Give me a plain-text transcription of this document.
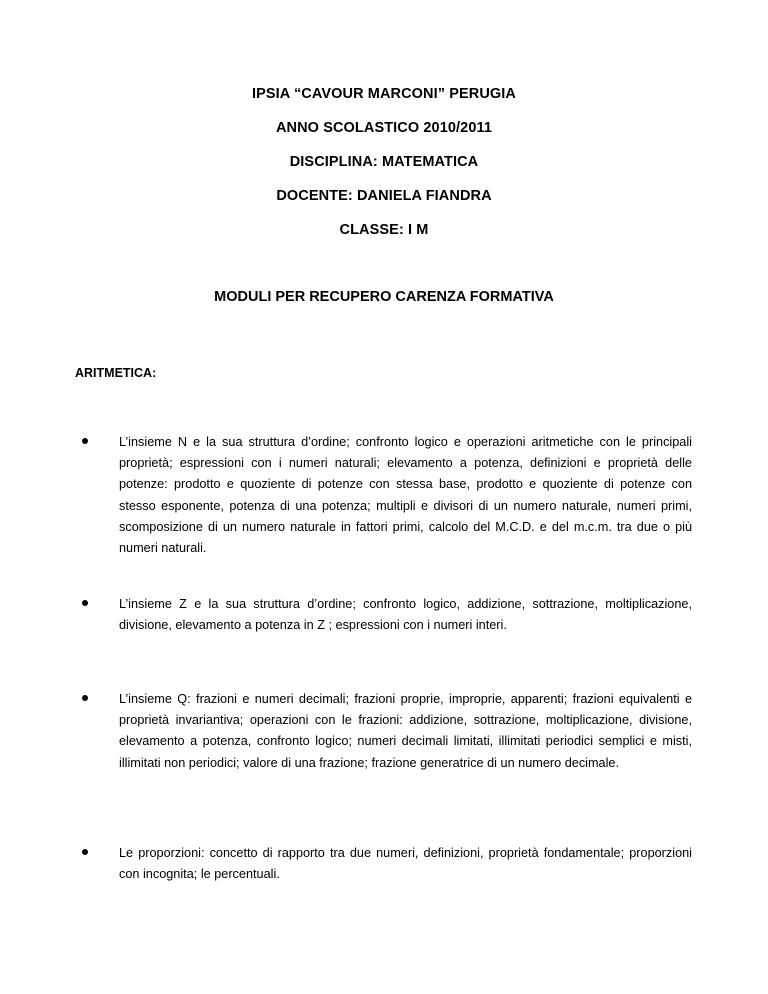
IPSIA “CAVOUR MARCONI” PERUGIA
ANNO SCOLASTICO 2010/2011
DISCIPLINA: MATEMATICA
DOCENTE: DANIELA FIANDRA
CLASSE: I M
MODULI PER RECUPERO CARENZA FORMATIVA
ARITMETICA:
L’insieme N e la sua struttura d’ordine; confronto logico e operazioni aritmetiche con le principali proprietà; espressioni con i numeri naturali; elevamento a potenza, definizioni e proprietà delle potenze: prodotto e quoziente di potenze con stessa base, prodotto e quoziente di potenze con stesso esponente, potenza di una potenza; multipli e divisori di un numero naturale, numeri primi, scomposizione di un numero naturale in fattori primi, calcolo del M.C.D. e del m.c.m. tra due o più numeri naturali.
L’insieme Z e la sua struttura d’ordine; confronto logico, addizione, sottrazione, moltiplicazione, divisione, elevamento a potenza in Z ; espressioni con i numeri interi.
L’insieme Q: frazioni e numeri decimali; frazioni proprie, improprie, apparenti; frazioni equivalenti e proprietà invariantiva; operazioni con le frazioni: addizione, sottrazione, moltiplicazione, divisione, elevamento a potenza, confronto logico; numeri decimali limitati, illimitati periodici semplici e misti, illimitati non periodici; valore di una frazione; frazione generatrice di un numero decimale.
Le proporzioni: concetto di rapporto tra due numeri, definizioni, proprietà fondamentale; proporzioni con incognita; le percentuali.
